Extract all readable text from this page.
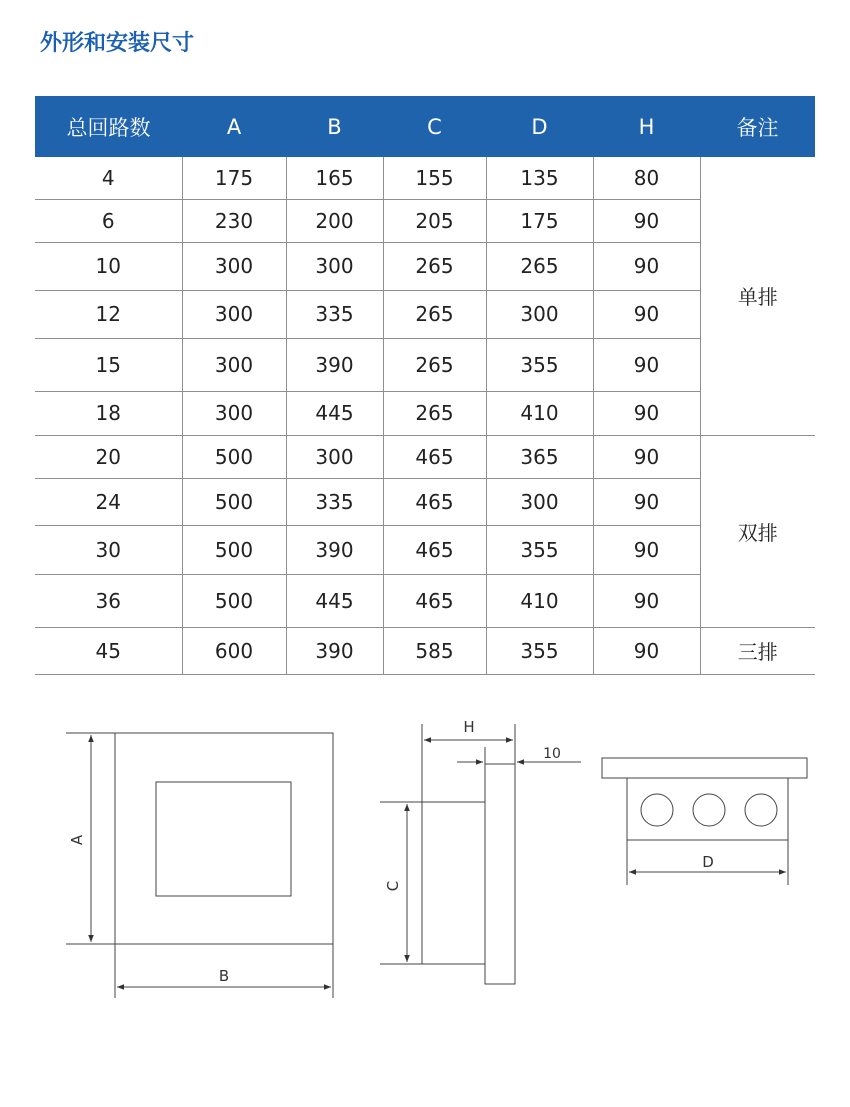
外形和安装尺寸
总回路数	A	B	C	D	H	备注
4	175	165	155	135	80	单排
6	230	200	205	175	90	
10	300	300	265	265	90	
12	300	335	265	300	90	
15	300	390	265	355	90	
18	300	445	265	410	90	
20	500	300	465	365	90	双排
24	500	335	465	300	90	
30	500	390	465	355	90	
36	500	445	465	410	90	
45	600	390	585	355	90	三排
A
B
H
10
C
D
